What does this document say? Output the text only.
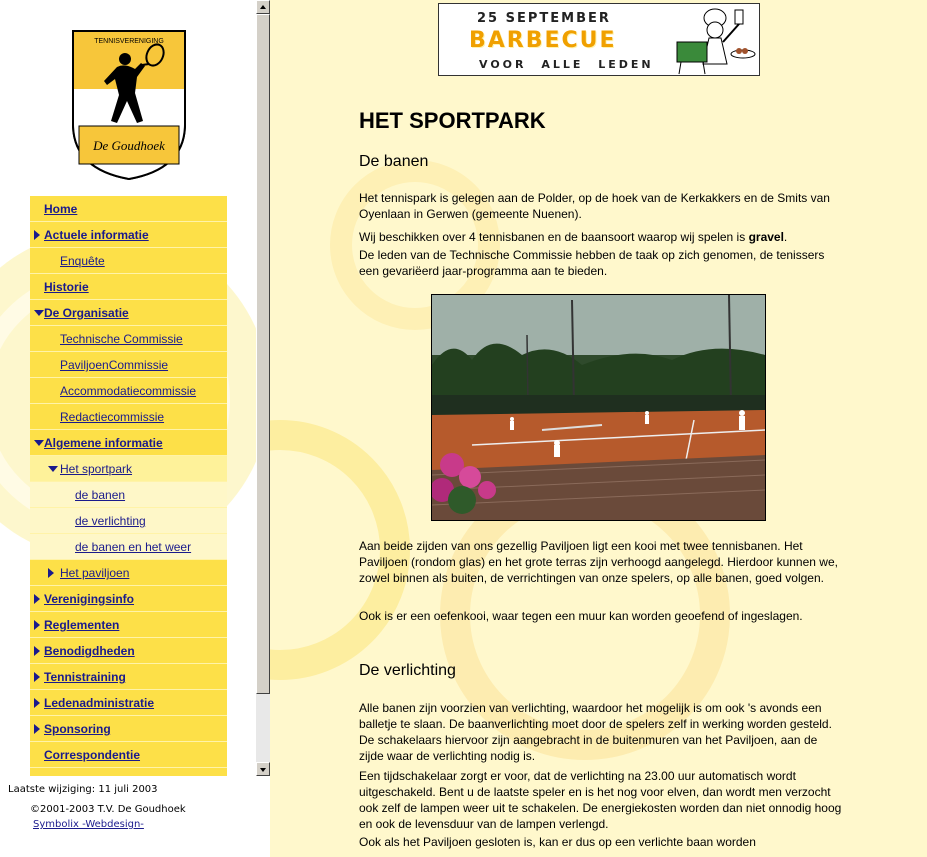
TENNISVERENIGING
De Goudhoek
Home
Actuele informatie
Enquête
Historie
De Organisatie
Technische Commissie
PaviljoenCommissie
Accommodatiecommissie
Redactiecommissie
Algemene informatie
Het sportpark
de banen
de verlichting
de banen en het weer
Het paviljoen
Verenigingsinfo
Reglementen
Benodigdheden
Tennistraining
Ledenadministratie
Sponsoring
Correspondentie
Laatste wijziging: 11 juli 2003
©2001-2003 T.V. De Goudhoek
Symbolix -Webdesign-
25 SEPTEMBER
BARBECUE
VOOR ALLE LEDEN
HET SPORTPARK
De banen

Het tennispark is gelegen aan de Polder, op de hoek van de Kerkakkers en de Smits van Oyenlaan in Gerwen (gemeente Nuenen).

Wij beschikken over 4 tennisbanen en de baansoort waarop wij spelen is gravel.

De leden van de Technische Commissie hebben de taak op zich genomen, de tenissers een gevariëerd jaar-programma aan te bieden.

Aan beide zijden van ons gezellig Paviljoen ligt een kooi met twee tennisbanen. Het Paviljoen (rondom glas) en het grote terras zijn verhoogd aangelegd. Hierdoor kunnen we, zowel binnen als buiten, de verrichtingen van onze spelers, op alle banen, goed volgen.

Ook is er een oefenkooi, waar tegen een muur kan worden geoefend of ingeslagen.

De verlichting

Alle banen zijn voorzien van verlichting, waardoor het mogelijk is om ook 's avonds een balletje te slaan. De baanverlichting moet door de spelers zelf in werking worden gesteld. De schakelaars hiervoor zijn aangebracht in de buitenmuren van het Paviljoen, aan de zijde waar de verlichting nodig is.

Een tijdschakelaar zorgt er voor, dat de verlichting na 23.00 uur automatisch wordt uitgeschakeld. Bent u de laatste speler en is het nog voor elven, dan wordt men verzocht ook zelf de lampen weer uit te schakelen. De energiekosten worden dan niet onnodig hoog en ook de levensduur van de lampen verlengd.

Ook als het Paviljoen gesloten is, kan er dus op een verlichte baan worden
